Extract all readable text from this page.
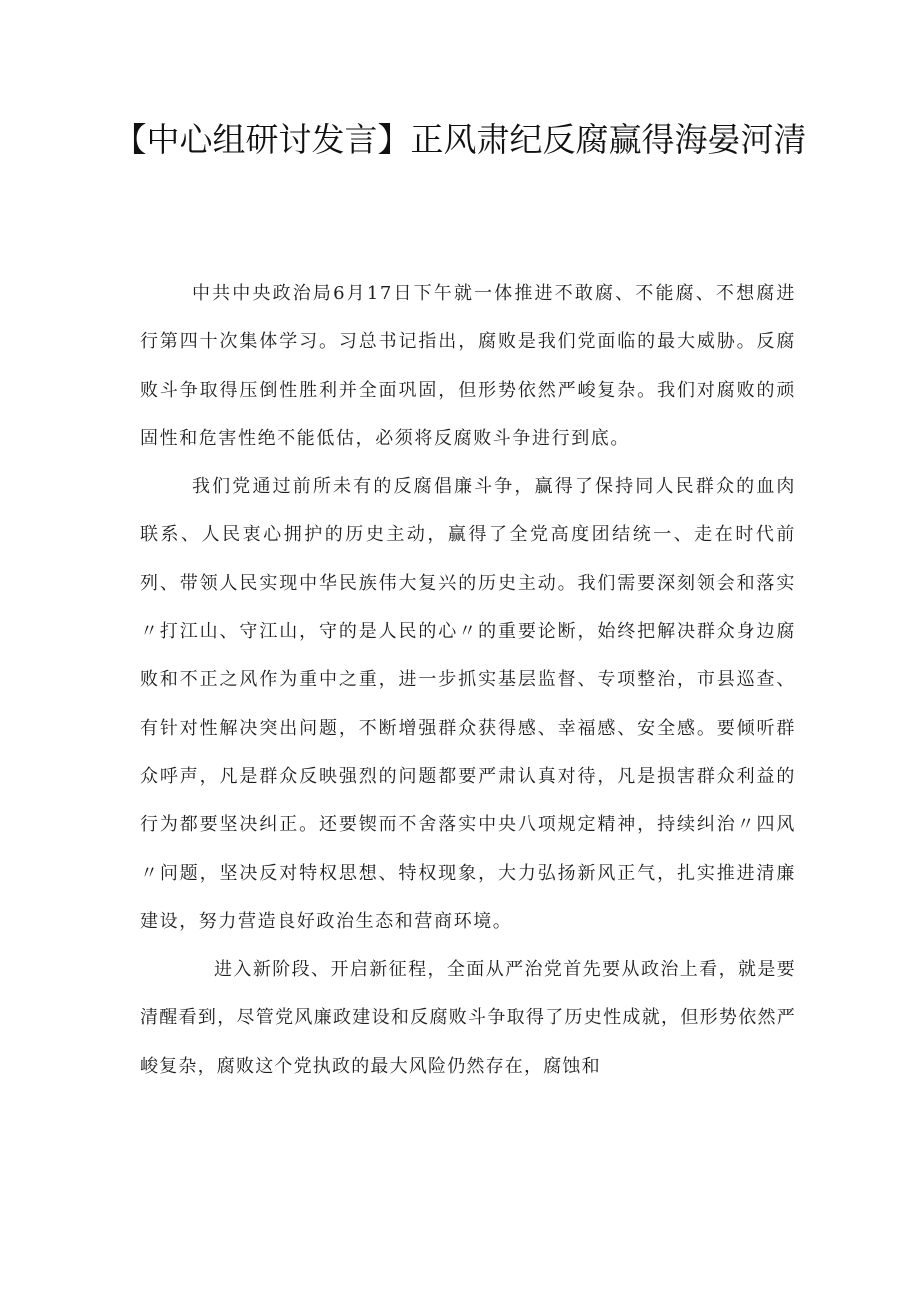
【中心组研讨发言】正风肃纪反腐赢得海晏河清

中共中央政治局6月17日下午就一体推进不敢腐、不能腐、不想腐进行第四十次集体学习。习总书记指出，腐败是我们党面临的最大威胁。反腐败斗争取得压倒性胜利并全面巩固，但形势依然严峻复杂。我们对腐败的顽固性和危害性绝不能低估，必须将反腐败斗争进行到底。

我们党通过前所未有的反腐倡廉斗争，赢得了保持同人民群众的血肉联系、人民衷心拥护的历史主动，赢得了全党高度团结统一、走在时代前列、带领人民实现中华民族伟大复兴的历史主动。我们需要深刻领会和落实〃打江山、守江山，守的是人民的心〃的重要论断，始终把解决群众身边腐败和不正之风作为重中之重，进一步抓实基层监督、专项整治，市县巡查、有针对性解决突出问题，不断增强群众获得感、幸福感、安全感。要倾听群众呼声，凡是群众反映强烈的问题都要严肃认真对待，凡是损害群众利益的行为都要坚决纠正。还要锲而不舍落实中央八项规定精神，持续纠治〃四风〃问题，坚决反对特权思想、特权现象，大力弘扬新风正气，扎实推进清廉建设，努力营造良好政治生态和营商环境。

进入新阶段、开启新征程，全面从严治党首先要从政治上看，就是要清醒看到，尽管党风廉政建设和反腐败斗争取得了历史性成就，但形势依然严峻复杂，腐败这个党执政的最大风险仍然存在，腐蚀和
